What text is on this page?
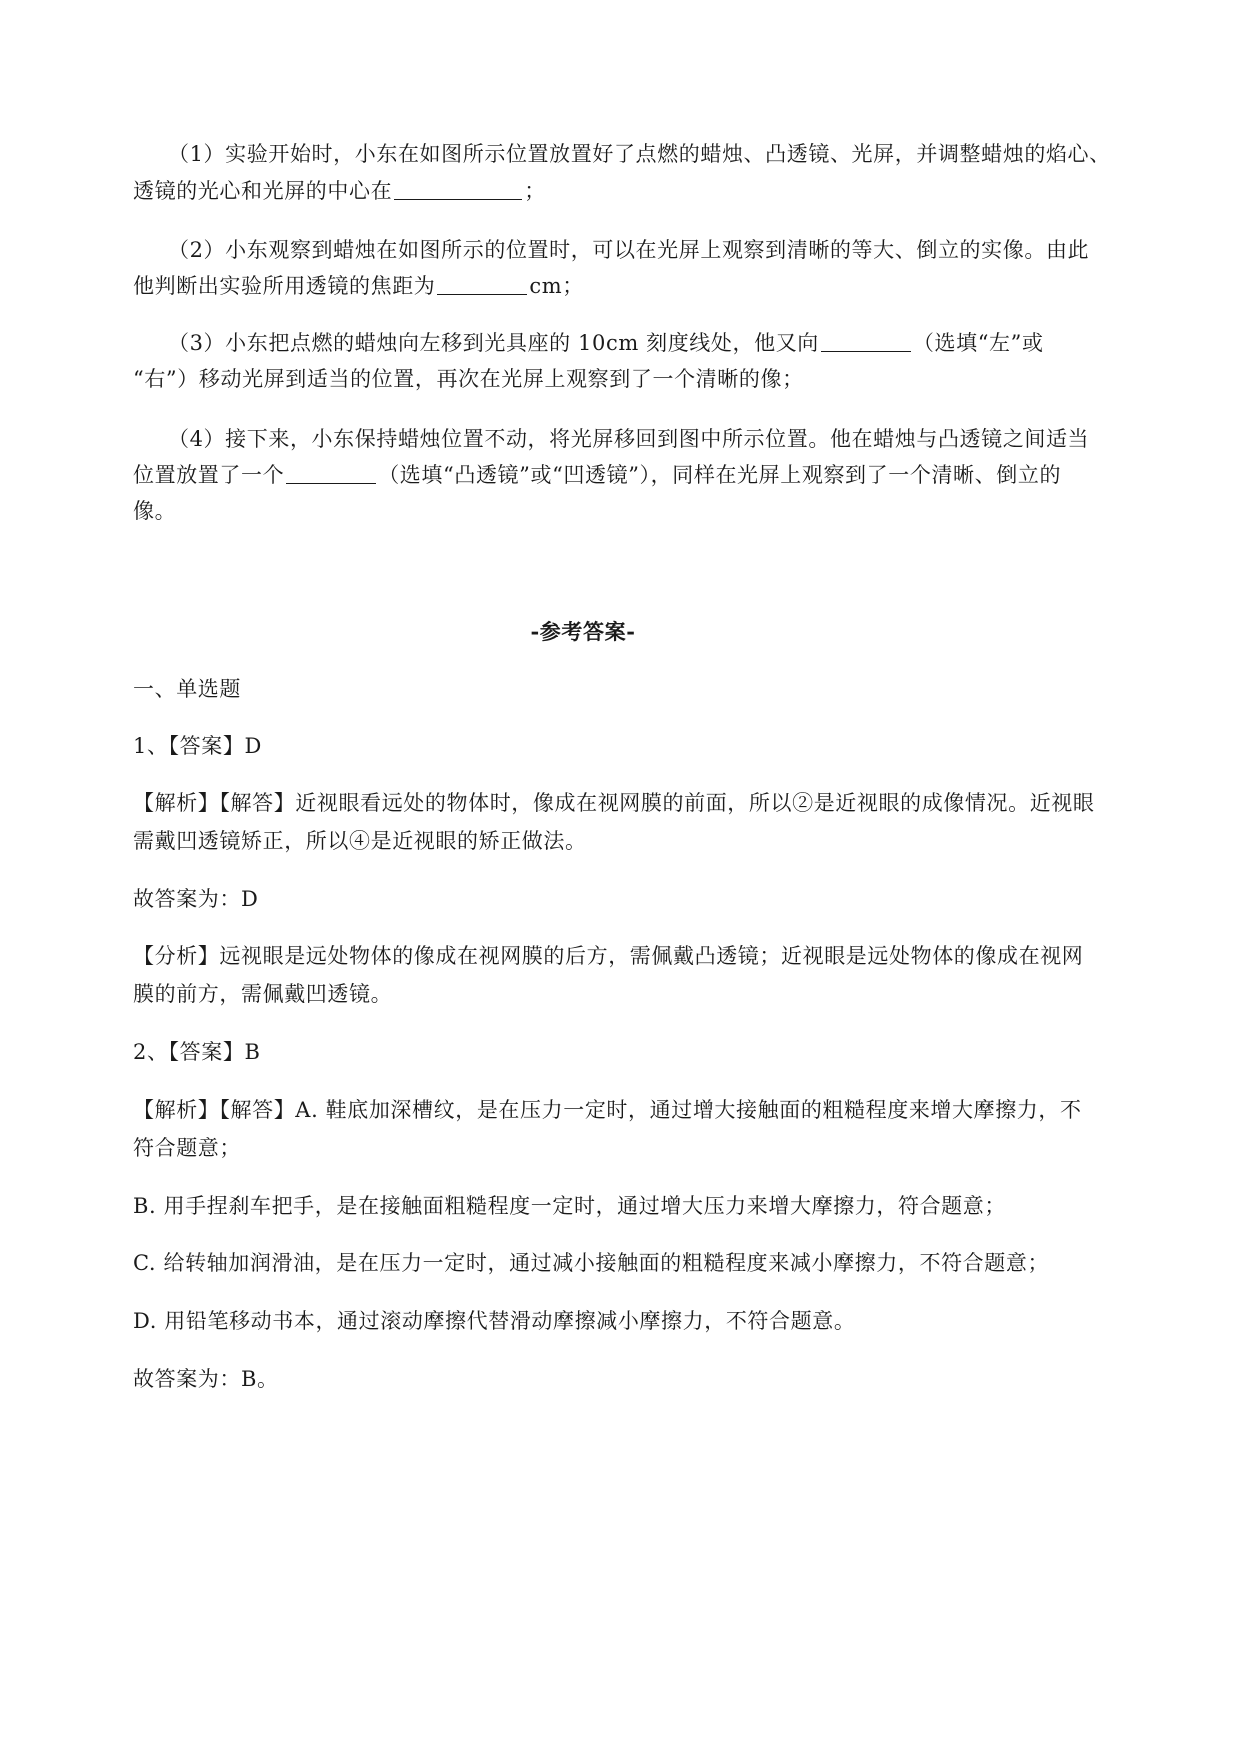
（1）实验开始时，小东在如图所示位置放置好了点燃的蜡烛、凸透镜、光屏，并调整蜡烛的焰心、
透镜的光心和光屏的中心在	；
（2）小东观察到蜡烛在如图所示的位置时，可以在光屏上观察到清晰的等大、倒立的实像。由此
他判断出实验所用透镜的焦距为	cm；
（3）小东把点燃的蜡烛向左移到光具座的 10cm 刻度线处，他又向	（选填“左”或
“右”）移动光屏到适当的位置，再次在光屏上观察到了一个清晰的像；
（4）接下来，小东保持蜡烛位置不动，将光屏移回到图中所示位置。他在蜡烛与凸透镜之间适当
位置放置了一个	（选填“凸透镜”或“凹透镜”），同样在光屏上观察到了一个清晰、倒立的
像。
-参考答案-
一、单选题
1、【答案】D
【解析】【解答】近视眼看远处的物体时，像成在视网膜的前面，所以②是近视眼的成像情况。近视眼
需戴凹透镜矫正，所以④是近视眼的矫正做法。
故答案为：D
【分析】远视眼是远处物体的像成在视网膜的后方，需佩戴凸透镜；近视眼是远处物体的像成在视网
膜的前方，需佩戴凹透镜。
2、【答案】B
【解析】【解答】A. 鞋底加深槽纹，是在压力一定时，通过增大接触面的粗糙程度来增大摩擦力，不
符合题意；
B. 用手捏刹车把手，是在接触面粗糙程度一定时，通过增大压力来增大摩擦力，符合题意；
C. 给转轴加润滑油，是在压力一定时，通过减小接触面的粗糙程度来减小摩擦力，不符合题意；
D. 用铅笔移动书本，通过滚动摩擦代替滑动摩擦减小摩擦力，不符合题意。
故答案为：B。
